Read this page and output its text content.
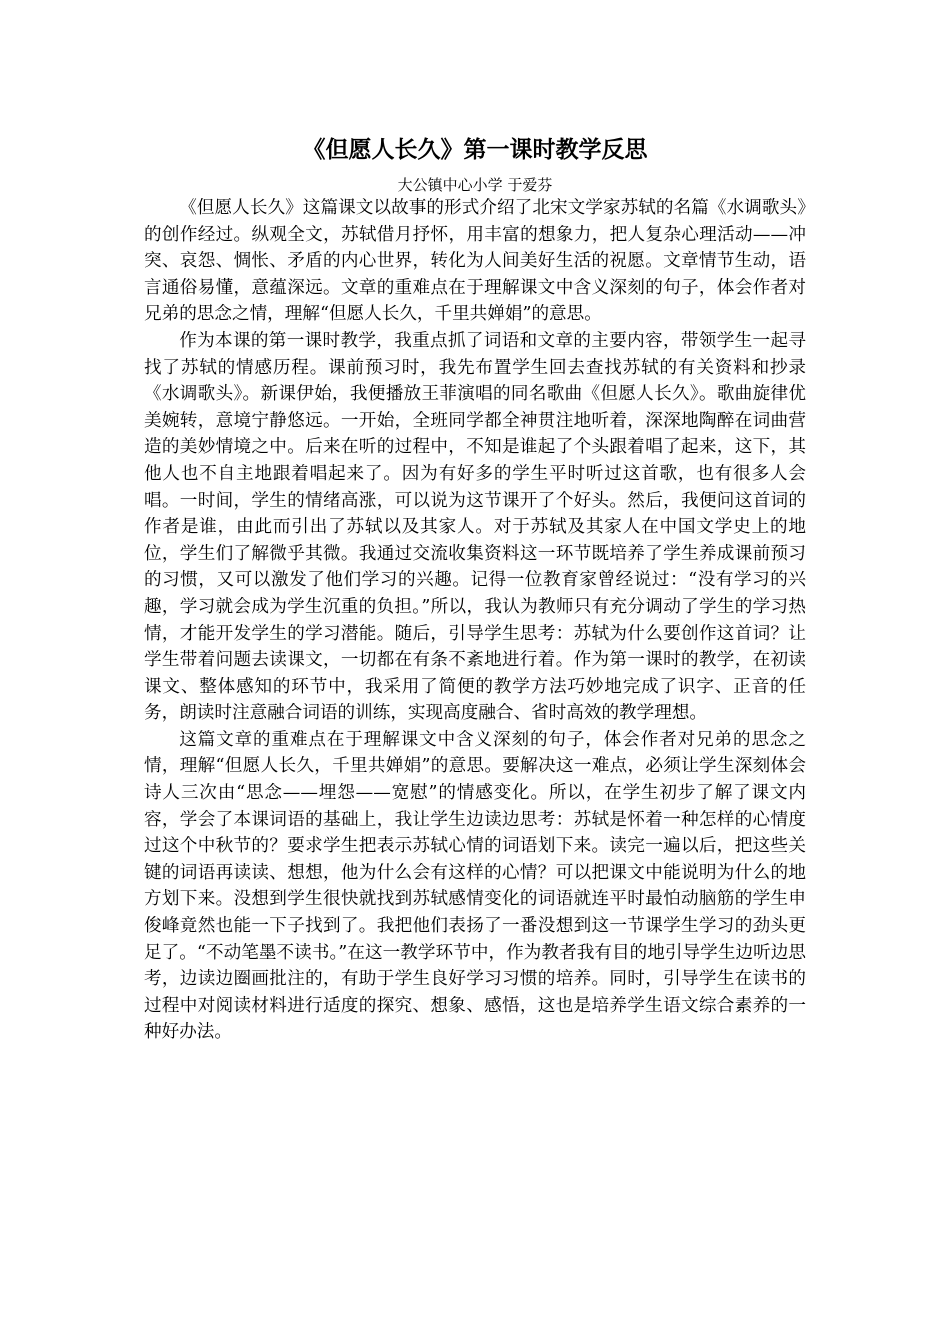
《但愿人长久》第一课时教学反思

大公镇中心小学 于爱芬

《但愿人长久》这篇课文以故事的形式介绍了北宋文学家苏轼的名篇《水调歌头》的创作经过。纵观全文，苏轼借月抒怀，用丰富的想象力，把人复杂心理活动——冲突、哀怨、惆怅、矛盾的内心世界，转化为人间美好生活的祝愿。文章情节生动，语言通俗易懂，意蕴深远。文章的重难点在于理解课文中含义深刻的句子，体会作者对兄弟的思念之情，理解“但愿人长久，千里共婵娟”的意思。

作为本课的第一课时教学，我重点抓了词语和文章的主要内容，带领学生一起寻找了苏轼的情感历程。课前预习时，我先布置学生回去查找苏轼的有关资料和抄录《水调歌头》。新课伊始，我便播放王菲演唱的同名歌曲《但愿人长久》。歌曲旋律优美婉转，意境宁静悠远。一开始，全班同学都全神贯注地听着，深深地陶醉在词曲营造的美妙情境之中。后来在听的过程中，不知是谁起了个头跟着唱了起来，这下，其他人也不自主地跟着唱起来了。因为有好多的学生平时听过这首歌，也有很多人会唱。一时间，学生的情绪高涨，可以说为这节课开了个好头。然后，我便问这首词的作者是谁，由此而引出了苏轼以及其家人。对于苏轼及其家人在中国文学史上的地位，学生们了解微乎其微。我通过交流收集资料这一环节既培养了学生养成课前预习的习惯，又可以激发了他们学习的兴趣。记得一位教育家曾经说过：“没有学习的兴趣，学习就会成为学生沉重的负担。”所以，我认为教师只有充分调动了学生的学习热情，才能开发学生的学习潜能。随后，引导学生思考：苏轼为什么要创作这首词？让学生带着问题去读课文，一切都在有条不紊地进行着。作为第一课时的教学，在初读课文、整体感知的环节中，我采用了简便的教学方法巧妙地完成了识字、正音的任务，朗读时注意融合词语的训练，实现高度融合、省时高效的教学理想。

这篇文章的重难点在于理解课文中含义深刻的句子，体会作者对兄弟的思念之情，理解“但愿人长久，千里共婵娟”的意思。要解决这一难点，必须让学生深刻体会诗人三次由“思念——埋怨——宽慰”的情感变化。所以，在学生初步了解了课文内容，学会了本课词语的基础上，我让学生边读边思考：苏轼是怀着一种怎样的心情度过这个中秋节的？要求学生把表示苏轼心情的词语划下来。读完一遍以后，把这些关键的词语再读读、想想，他为什么会有这样的心情？可以把课文中能说明为什么的地方划下来。没想到学生很快就找到苏轼感情变化的词语就连平时最怕动脑筋的学生申俊峰竟然也能一下子找到了。我把他们表扬了一番没想到这一节课学生学习的劲头更足了。“不动笔墨不读书。”在这一教学环节中，作为教者我有目的地引导学生边听边思考，边读边圈画批注的，有助于学生良好学习习惯的培养。同时，引导学生在读书的过程中对阅读材料进行适度的探究、想象、感悟，这也是培养学生语文综合素养的一种好办法。
